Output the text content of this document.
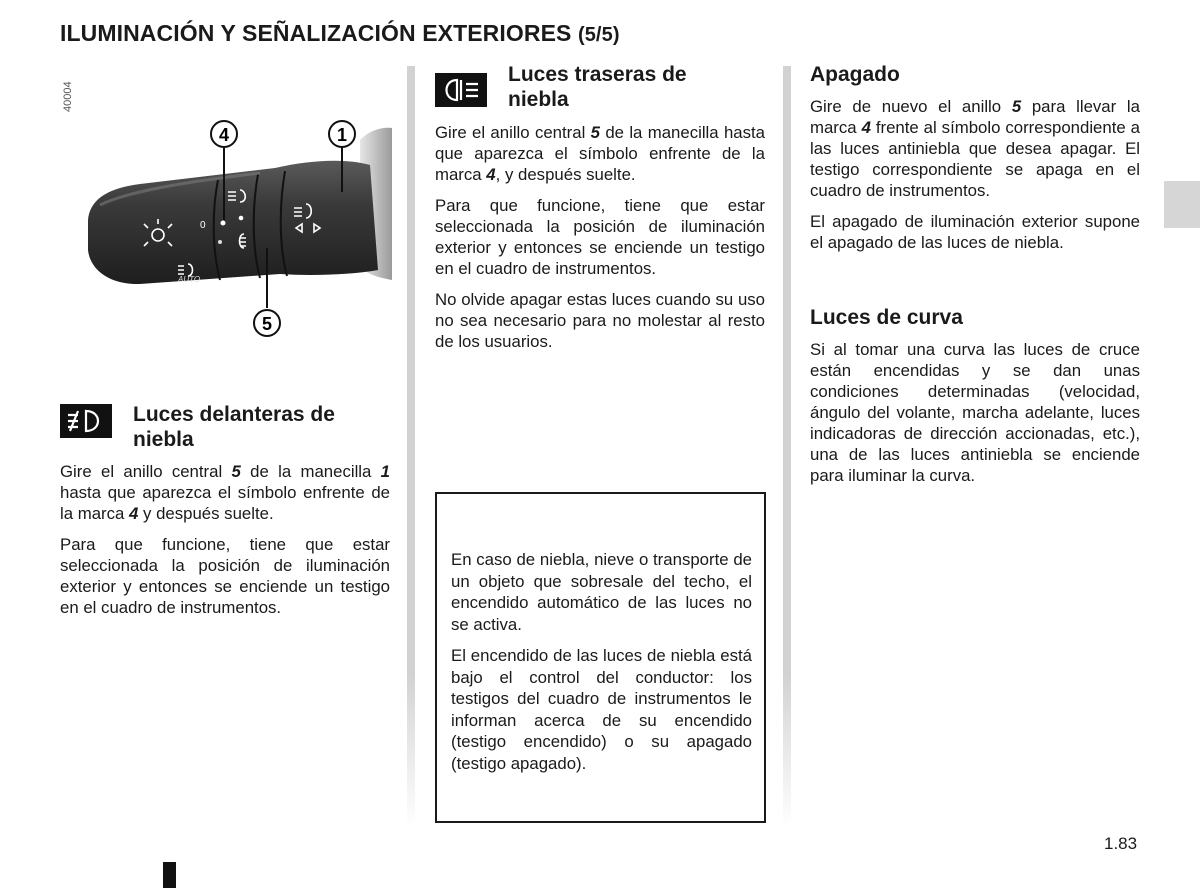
ILUMINACIÓN Y SEÑALIZACIÓN EXTERIORES (5/5)
40004
0
AUTO
4	1
5
Luces delanteras de niebla

Gire el anillo central 5 de la manecilla 1 hasta que aparezca el símbolo enfrente de la marca 4 y después suelte.

Para que funcione, tiene que estar seleccionada la posición de iluminación exterior y entonces se enciende un testigo en el cuadro de instrumentos.

Luces traseras de niebla

Gire el anillo central 5 de la manecilla hasta que aparezca el símbolo enfrente de la marca 4, y después suelte.

Para que funcione, tiene que estar seleccionada la posición de iluminación exterior y entonces se enciende un testigo en el cuadro de instrumentos.

No olvide apagar estas luces cuando su uso no sea necesario para no molestar al resto de los usuarios.

En caso de niebla, nieve o transporte de un objeto que sobresale del techo, el encendido automático de las luces no se activa.

El encendido de las luces de niebla está bajo el control del conductor: los testigos del cuadro de instrumentos le informan acerca de su encendido (testigo encendido) o su apagado (testigo apagado).

Apagado

Gire de nuevo el anillo 5 para llevar la marca 4 frente al símbolo correspondiente a las luces antiniebla que desea apagar. El testigo correspondiente se apaga en el cuadro de instrumentos.

El apagado de iluminación exterior supone el apagado de las luces de niebla.

Luces de curva

Si al tomar una curva las luces de cruce están encendidas y se dan unas condiciones determinadas (velocidad, ángulo del volante, marcha adelante, luces indicadoras de dirección accionadas, etc.), una de las luces antiniebla se enciende para iluminar la curva.

1.83
